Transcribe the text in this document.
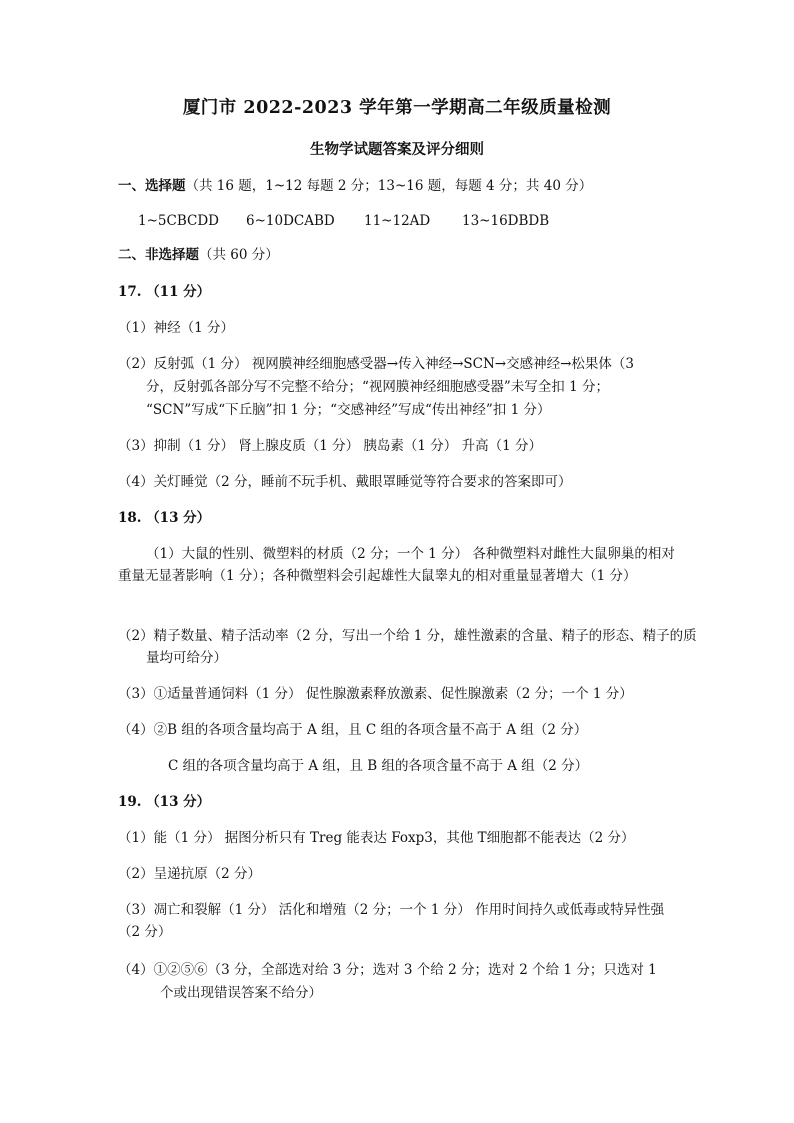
厦门市 2022-2023 学年第一学期高二年级质量检测
生物学试题答案及评分细则
一、选择题（共 16 题，1~12 每题 2 分；13~16 题，每题 4 分；共 40 分）
1~5CBCDD 6~10DCABD 11~12AD 13~16DBDB
二、非选择题（共 60 分）
17. （11 分）
（1）神经（1 分）
（2）反射弧（1 分） 视网膜神经细胞感受器→传入神经→SCN→交感神经→松果体（3
分，反射弧各部分写不完整不给分；“视网膜神经细胞感受器”未写全扣 1 分；
“SCN”写成“下丘脑”扣 1 分；“交感神经”写成“传出神经”扣 1 分）
（3）抑制（1 分） 肾上腺皮质（1 分） 胰岛素（1 分） 升高（1 分）
（4）关灯睡觉（2 分，睡前不玩手机、戴眼罩睡觉等符合要求的答案即可）
18. （13 分）
（1）大鼠的性别、微塑料的材质（2 分；一个 1 分） 各种微塑料对雌性大鼠卵巢的相对重量无显著影响（1 分）；各种微塑料会引起雄性大鼠睾丸的相对重量显著增大（1 分）
（2）精子数量、精子活动率（2 分，写出一个给 1 分，雄性激素的含量、精子的形态、精子的质量均可给分）
（3）①适量普通饲料（1 分） 促性腺激素释放激素、促性腺激素（2 分；一个 1 分）
（4）②B 组的各项含量均高于 A 组，且 C 组的各项含量不高于 A 组（2 分）
C 组的各项含量均高于 A 组，且 B 组的各项含量不高于 A 组（2 分）
19. （13 分）
（1）能（1 分） 据图分析只有 Treg 能表达 Foxp3，其他 T细胞都不能表达（2 分）
（2）呈递抗原（2 分）
（3）凋亡和裂解（1 分） 活化和增殖（2 分；一个 1 分） 作用时间持久或低毒或特异性强 （2 分）
（4）①②⑤⑥（3 分，全部选对给 3 分；选对 3 个给 2 分；选对 2 个给 1 分；只选对 1
个或出现错误答案不给分）
